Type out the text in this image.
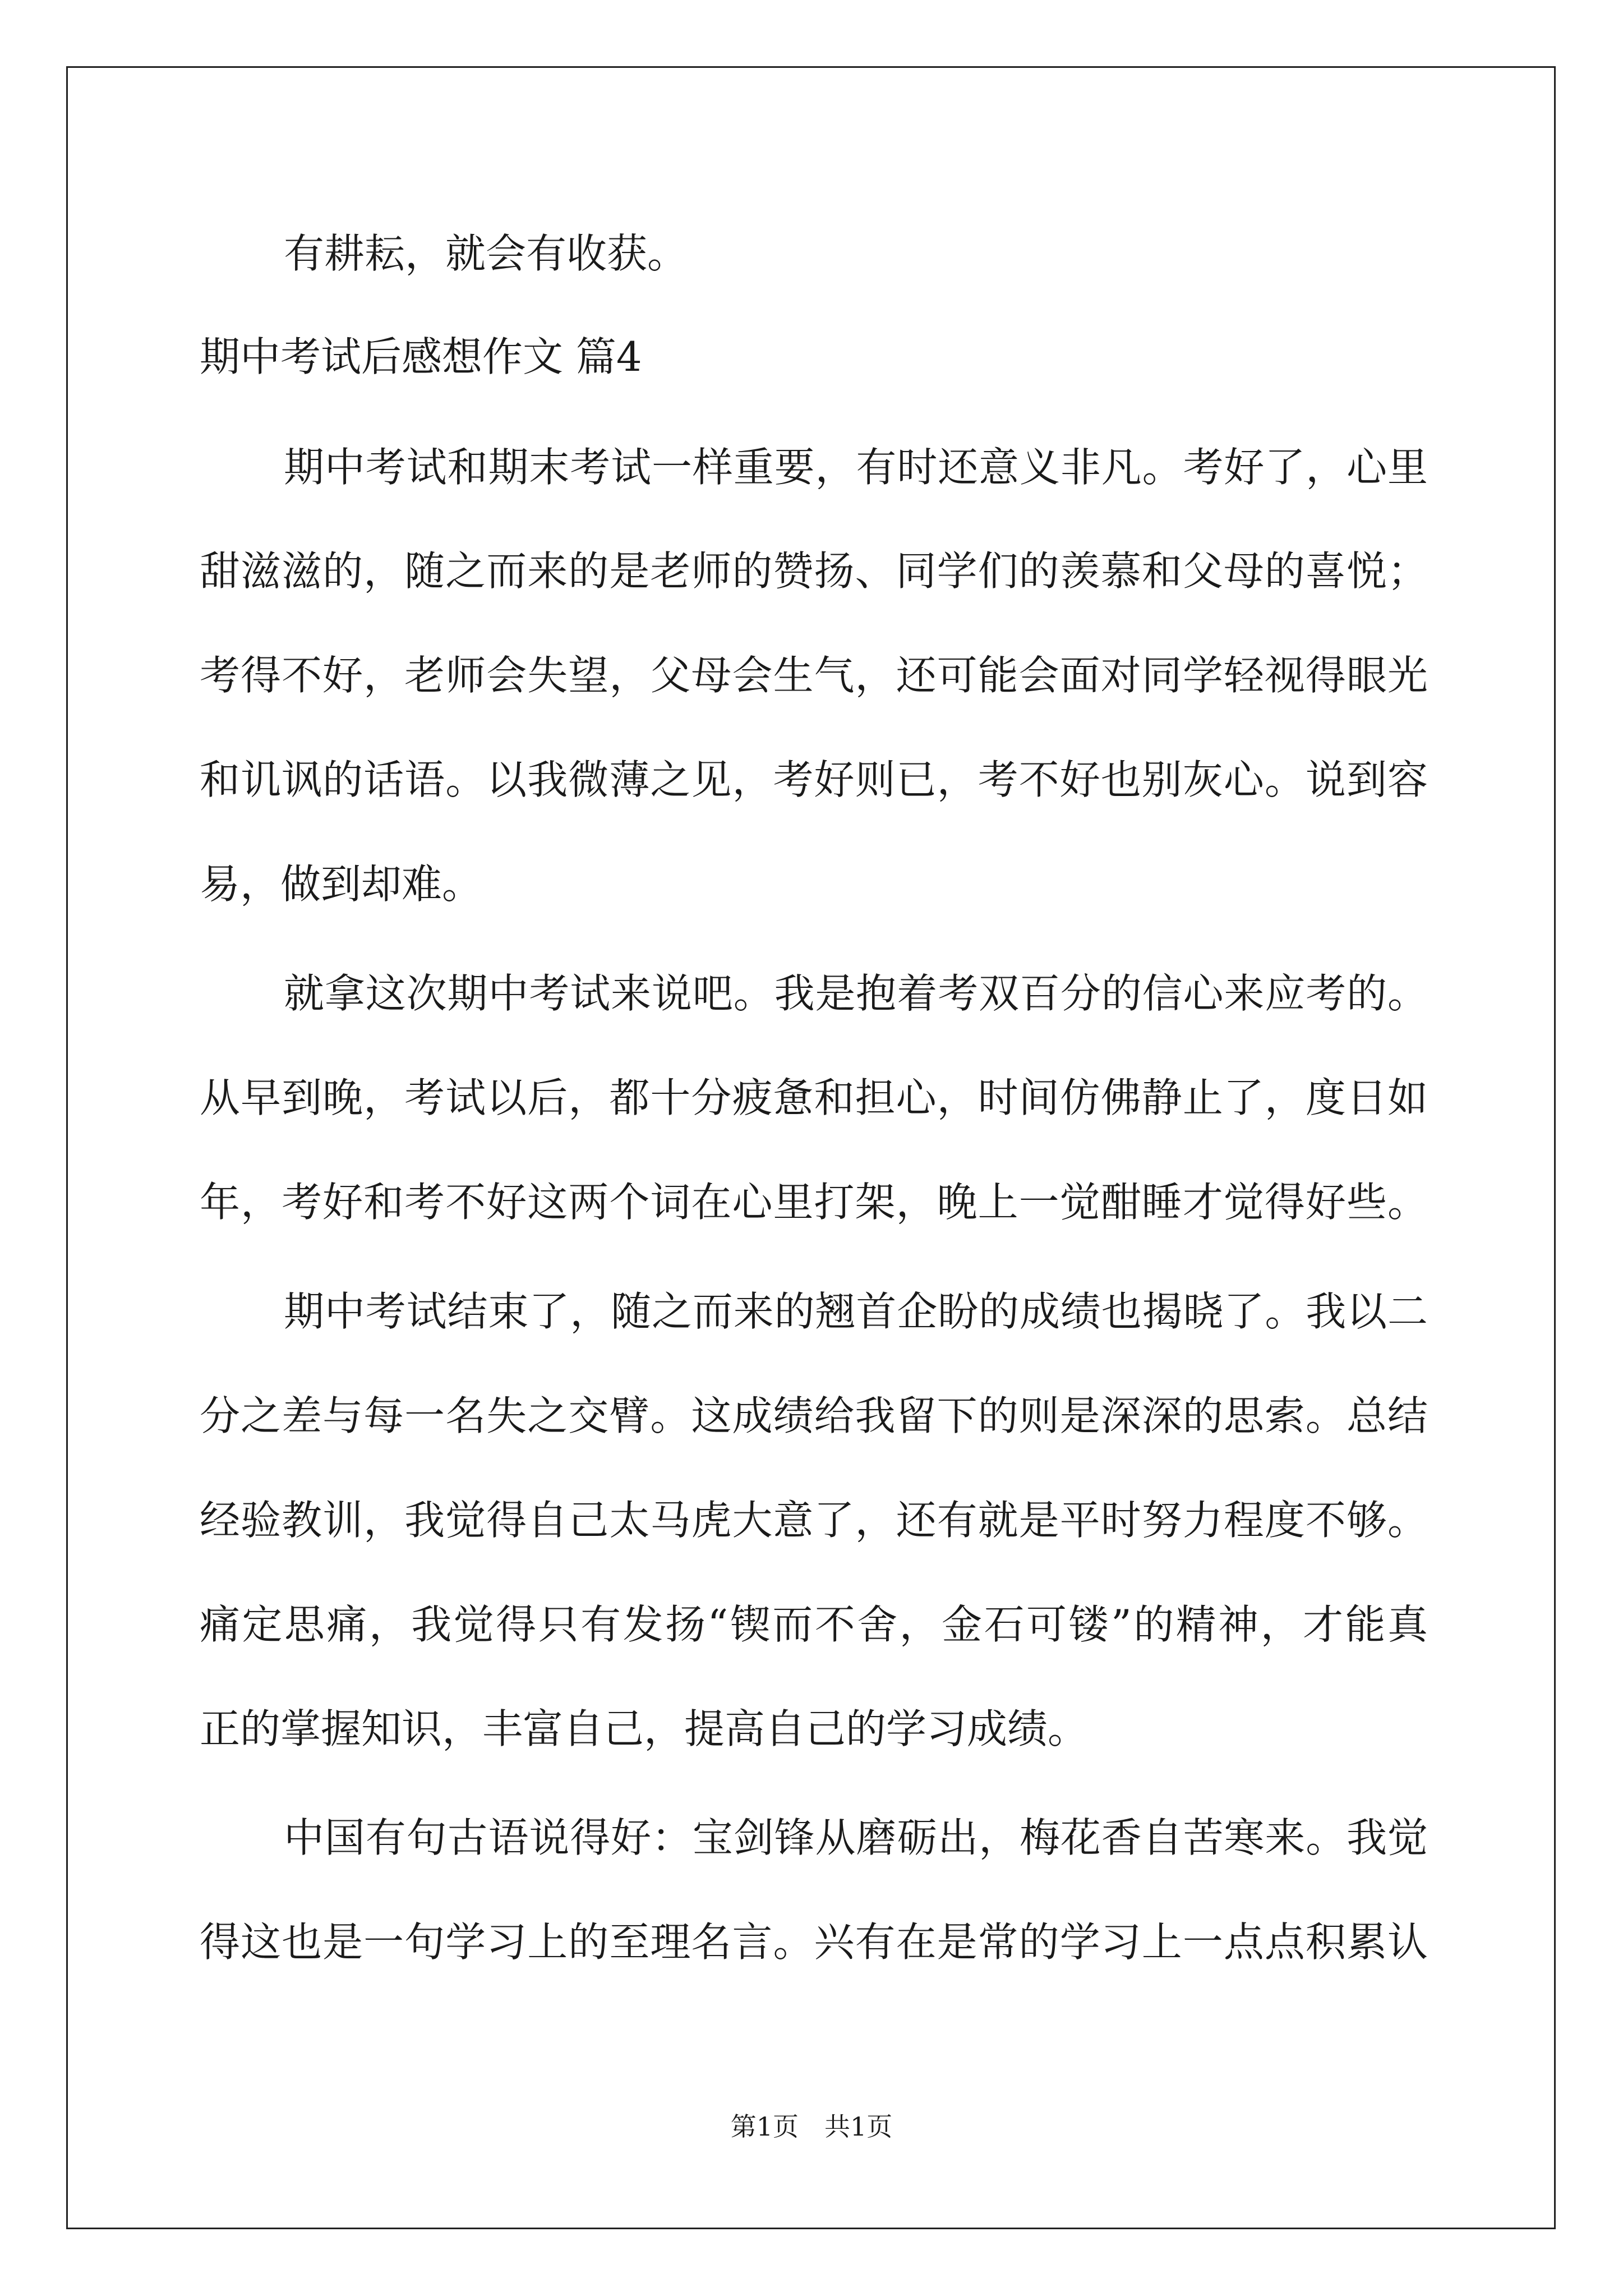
有耕耘，就会有收获。
期中考试后感想作文 篇4
期中考试和期末考试一样重要，有时还意义非凡。考好了，心里
甜滋滋的，随之而来的是老师的赞扬、同学们的羡慕和父母的喜悦；
考得不好，老师会失望，父母会生气，还可能会面对同学轻视得眼光
和讥讽的话语。以我微薄之见，考好则已，考不好也别灰心。说到容
易，做到却难。
就拿这次期中考试来说吧。我是抱着考双百分的信心来应考的。
从早到晚，考试以后，都十分疲惫和担心，时间仿佛静止了，度日如
年，考好和考不好这两个词在心里打架，晚上一觉酣睡才觉得好些。
期中考试结束了，随之而来的翘首企盼的成绩也揭晓了。我以二
分之差与每一名失之交臂。这成绩给我留下的则是深深的思索。总结
经验教训，我觉得自己太马虎大意了，还有就是平时努力程度不够。
痛定思痛，我觉得只有发扬“锲而不舍，金石可镂”的精神，才能真
正的掌握知识，丰富自己，提高自己的学习成绩。
中国有句古语说得好：宝剑锋从磨砺出，梅花香自苦寒来。我觉
得这也是一句学习上的至理名言。兴有在是常的学习上一点点积累认
第1页　共1页
